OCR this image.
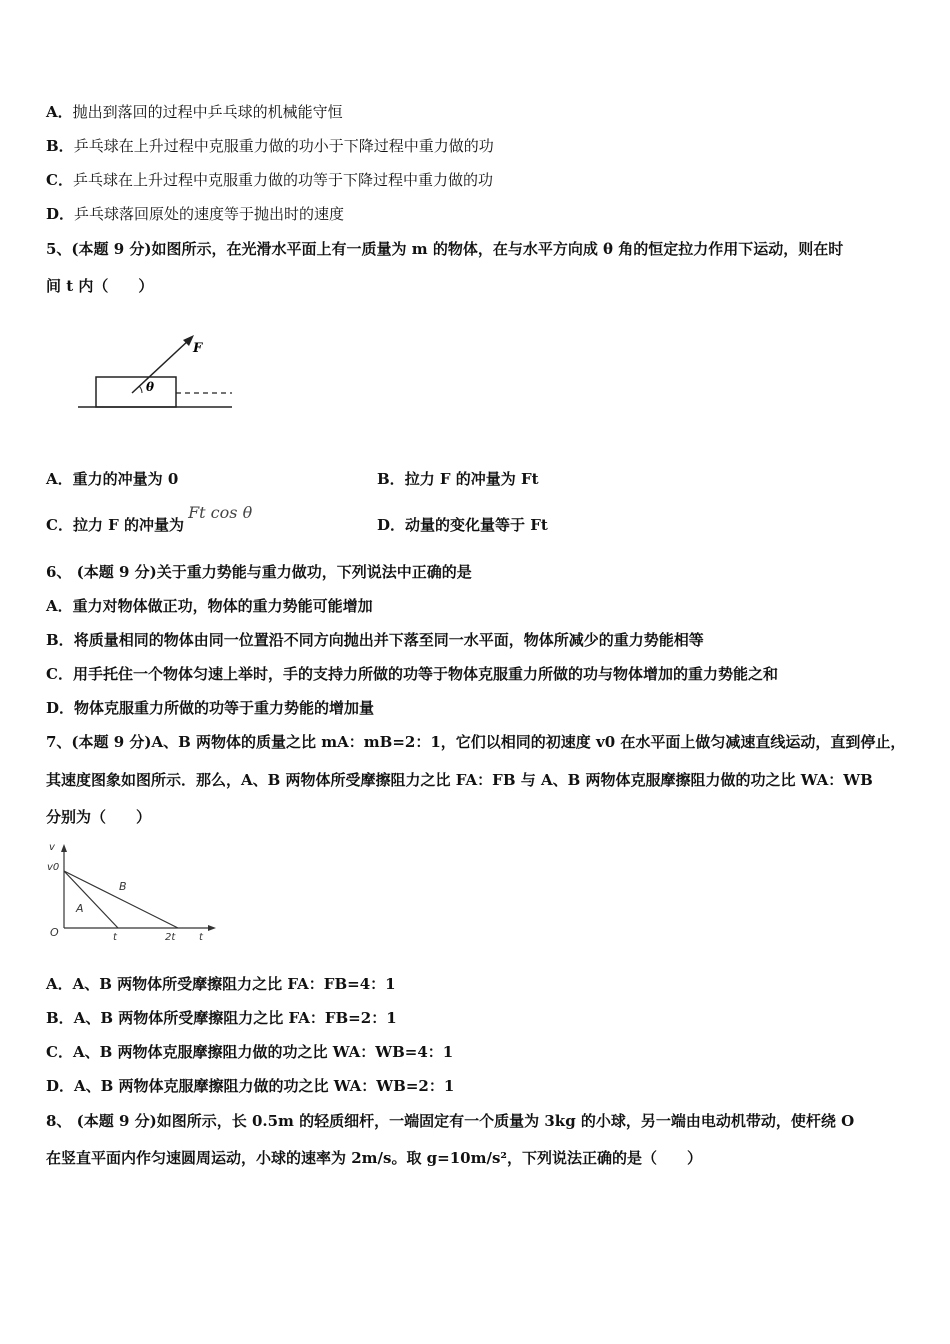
A．抛出到落回的过程中乒乓球的机械能守恒
B．乒乓球在上升过程中克服重力做的功小于下降过程中重力做的功
C．乒乓球在上升过程中克服重力做的功等于下降过程中重力做的功
D．乒乓球落回原处的速度等于抛出时的速度
5、(本题 9 分)如图所示，在光滑水平面上有一质量为 m 的物体，在与水平方向成 θ 角的恒定拉力作用下运动，则在时
间 t 内（　　）
F
θ
A．重力的冲量为 0	B．拉力 F 的冲量为 Ft
C．拉力 F 的冲量为Ft cos θ
D．动量的变化量等于 Ft
6、 (本题 9 分)关于重力势能与重力做功，下列说法中正确的是
A．重力对物体做正功，物体的重力势能可能增加
B．将质量相同的物体由同一位置沿不同方向抛出并下落至同一水平面，物体所减少的重力势能相等
C．用手托住一个物体匀速上举时，手的支持力所做的功等于物体克服重力所做的功与物体增加的重力势能之和
D．物体克服重力所做的功等于重力势能的增加量
7、(本题 9 分)A、B 两物体的质量之比 mA：mB=2：1，它们以相同的初速度 v0 在水平面上做匀减速直线运动，直到停止，
其速度图象如图所示．那么，A、B 两物体所受摩擦阻力之比 FA：FB 与 A、B 两物体克服摩擦阻力做的功之比 WA：WB
分别为（　　）
v
v0
O
A
B
t	2t t
A．A、B 两物体所受摩擦阻力之比 FA：FB=4：1
B．A、B 两物体所受摩擦阻力之比 FA：FB=2：1
C．A、B 两物体克服摩擦阻力做的功之比 WA：WB=4：1
D．A、B 两物体克服摩擦阻力做的功之比 WA：WB=2：1
8、 (本题 9 分)如图所示，长 0.5m 的轻质细杆，一端固定有一个质量为 3kg 的小球，另一端由电动机带动，使杆绕 O
在竖直平面内作匀速圆周运动，小球的速率为 2m/s。取 g=10m/s²，下列说法正确的是（　　）
